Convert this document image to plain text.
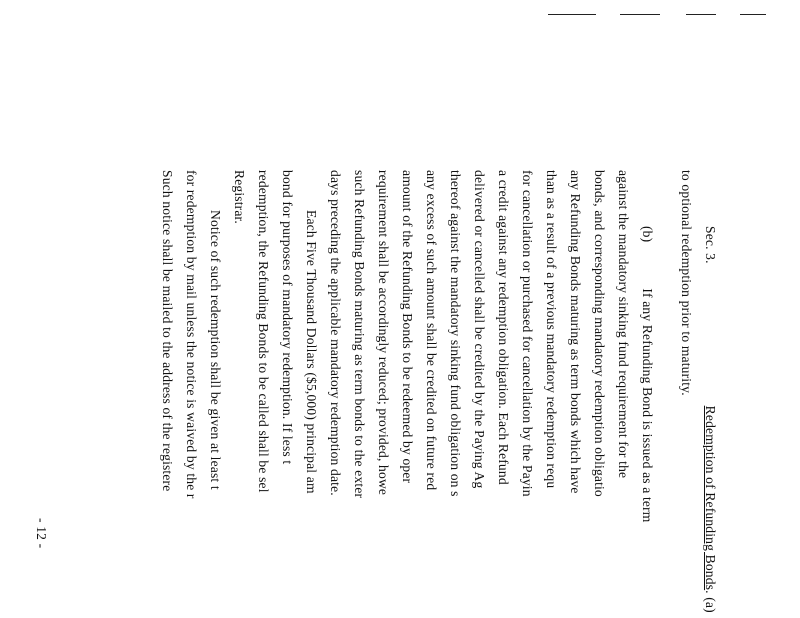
Sec. 3.Redemption of Refunding Bonds. (a)
to optional redemption prior to maturity.
(b)If any Refunding Bond is issued as a term
against the mandatory sinking fund requirement for the
bonds, and corresponding mandatory redemption obligatio
any Refunding Bonds maturing as term bonds which have
than as a result of a previous mandatory redemption requ
for cancellation or purchased for cancellation by the Payin
a credit against any redemption obligation. Each Refund
delivered or cancelled shall be credited by the Paying Ag
thereof against the mandatory sinking fund obligation on s
any excess of such amount shall be credited on future red
amount of the Refunding Bonds to be redeemed by oper
requirement shall be accordingly reduced; provided, howe
such Refunding Bonds maturing as term bonds to the exter
days preceding the applicable mandatory redemption date.
Each Five Thousand Dollars ($5,000) principal am
bond for purposes of mandatory redemption. If less t
redemption, the Refunding Bonds to be called shall be sel
Registrar.
Notice of such redemption shall be given at least t
for redemption by mail unless the notice is waived by the r
Such notice shall be mailed to the address of the registere
- 12 -
